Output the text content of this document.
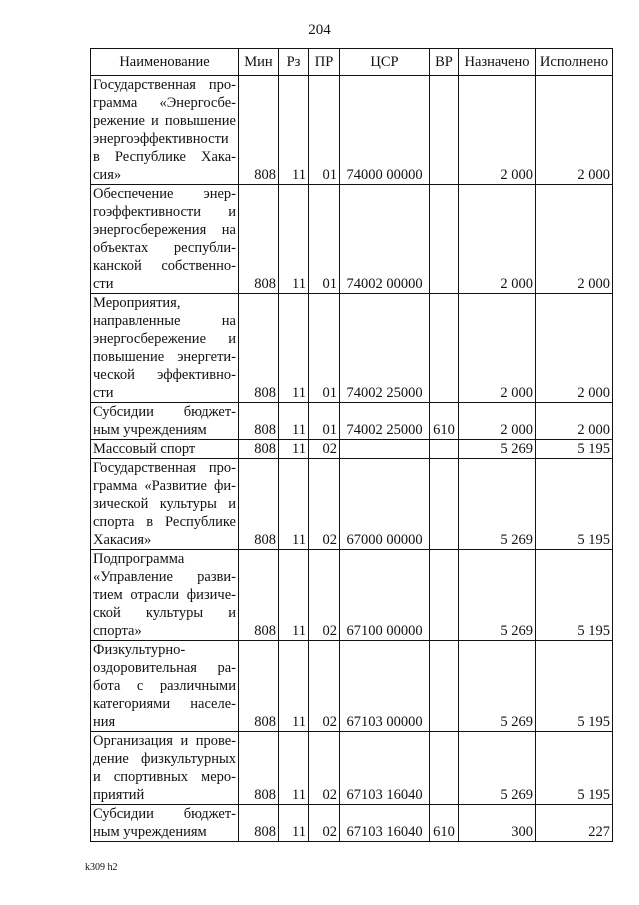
204
Наименование	Мин	Рз	ПР	ЦСР	ВР	Назначено	Исполнено
Государственная про-грамма «Энергосбе-режение и повышение энергоэффективности в Республике Хака-сия»	808	11	01	74000 00000		2 000	2 000
Обеспечение энер-гоэффективности и энергосбережения на объектах республи-канской собственно-сти	808	11	01	74002 00000		2 000	2 000
Мероприятия, направленные на энергосбережение и повышение энергети-ческой эффективно-сти	808	11	01	74002 25000		2 000	2 000
Субсидии бюджет-ным учреждениям	808	11	01	74002 25000	610	2 000	2 000
Массовый спорт	808	11	02			5 269	5 195
Государственная про-грамма «Развитие фи-зической культуры и спорта в Республике Хакасия»	808	11	02	67000 00000		5 269	5 195
Подпрограмма «Управление разви-тием отрасли физиче-ской культуры и спорта»	808	11	02	67100 00000		5 269	5 195
Физкультурно-оздоровительная ра-бота с различными категориями населе-ния	808	11	02	67103 00000		5 269	5 195
Организация и прове-дение физкультурных и спортивных меро-приятий	808	11	02	67103 16040		5 269	5 195
Субсидии бюджет-ным учреждениям	808	11	02	67103 16040	610	300	227
k309 h2
